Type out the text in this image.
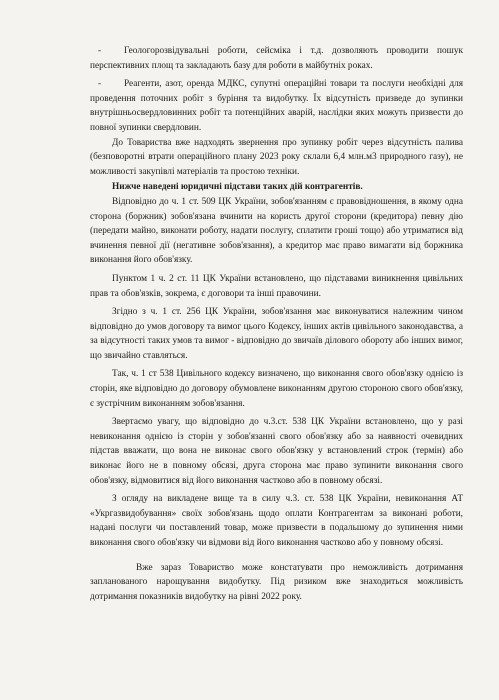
- Геологорозвідувальні роботи, сейсміка і т.д. дозволяють проводити пошук перспективних площ та закладають базу для роботи в майбутніх роках.

- Реагенти, азот, оренда МДКС, супутні операційні товари та послуги необхідні для проведення поточних робіт з буріння та видобутку. Їх відсутність призведе до зупинки внутрішньосвердловинних робіт та потенційних аварій, наслідки яких можуть призвести до повної зупинки свердловин.

До Товариства вже надходять звернення про зупинку робіт через відсутність палива (безповоротні втрати операційного плану 2023 року склали 6,4 млн.м3 природного газу), не можливості закупівлі матеріалів та простою техніки.

Нижче наведені юридичні підстави таких дій контрагентів.

Відповідно до ч. 1 ст. 509 ЦК України, зобов'язанням є правовідношення, в якому одна сторона (боржник) зобов'язана вчинити на користь другої сторони (кредитора) певну дію (передати майно, виконати роботу, надати послугу, сплатити гроші тощо) або утриматися від вчинення певної дії (негативне зобов'язання), а кредитор має право вимагати від боржника виконання його обов'язку.

Пунктом 1 ч. 2 ст. 11 ЦК України встановлено, що підставами виникнення цивільних прав та обов'язків, зокрема, є договори та інші правочини.

Згідно з ч. 1 ст. 256 ЦК України, зобов'язання має виконуватися належним чином відповідно до умов договору та вимог цього Кодексу, інших актів цивільного законодавства, а за відсутності таких умов та вимог - відповідно до звичаїв ділового обороту або інших вимог, що звичайно ставляться.

Так, ч. 1 ст 538 Цивільного кодексу визначено, що виконання свого обов'язку однією із сторін, яке відповідно до договору обумовлене виконанням другою стороною свого обов'язку, є зустрічним виконанням зобов'язання.

Звертаємо увагу, що відповідно до ч.3.ст. 538 ЦК України встановлено, що у разі невиконання однією із сторін у зобов'язанні свого обов'язку або за наявності очевидних підстав вважати, що вона не виконає свого обов'язку у встановлений строк (термін) або виконає його не в повному обсязі, друга сторона має право зупинити виконання свого обов'язку, відмовитися від його виконання частково або в повному обсязі.

З огляду на викладене вище та в силу ч.3. ст. 538 ЦК України, невиконання АТ «Укргазвидобування» своїх зобов'язань щодо оплати Контрагентам за виконані роботи, надані послуги чи поставлений товар, може призвести в подальшому до зупинення ними виконання свого обов'язку чи відмови від його виконання частково або у повному обсязі.

Вже зараз Товариство може констатувати про неможливість дотримання запланованого нарощування видобутку. Під ризиком вже знаходиться можливість дотримання показників видобутку на рівні 2022 року.
